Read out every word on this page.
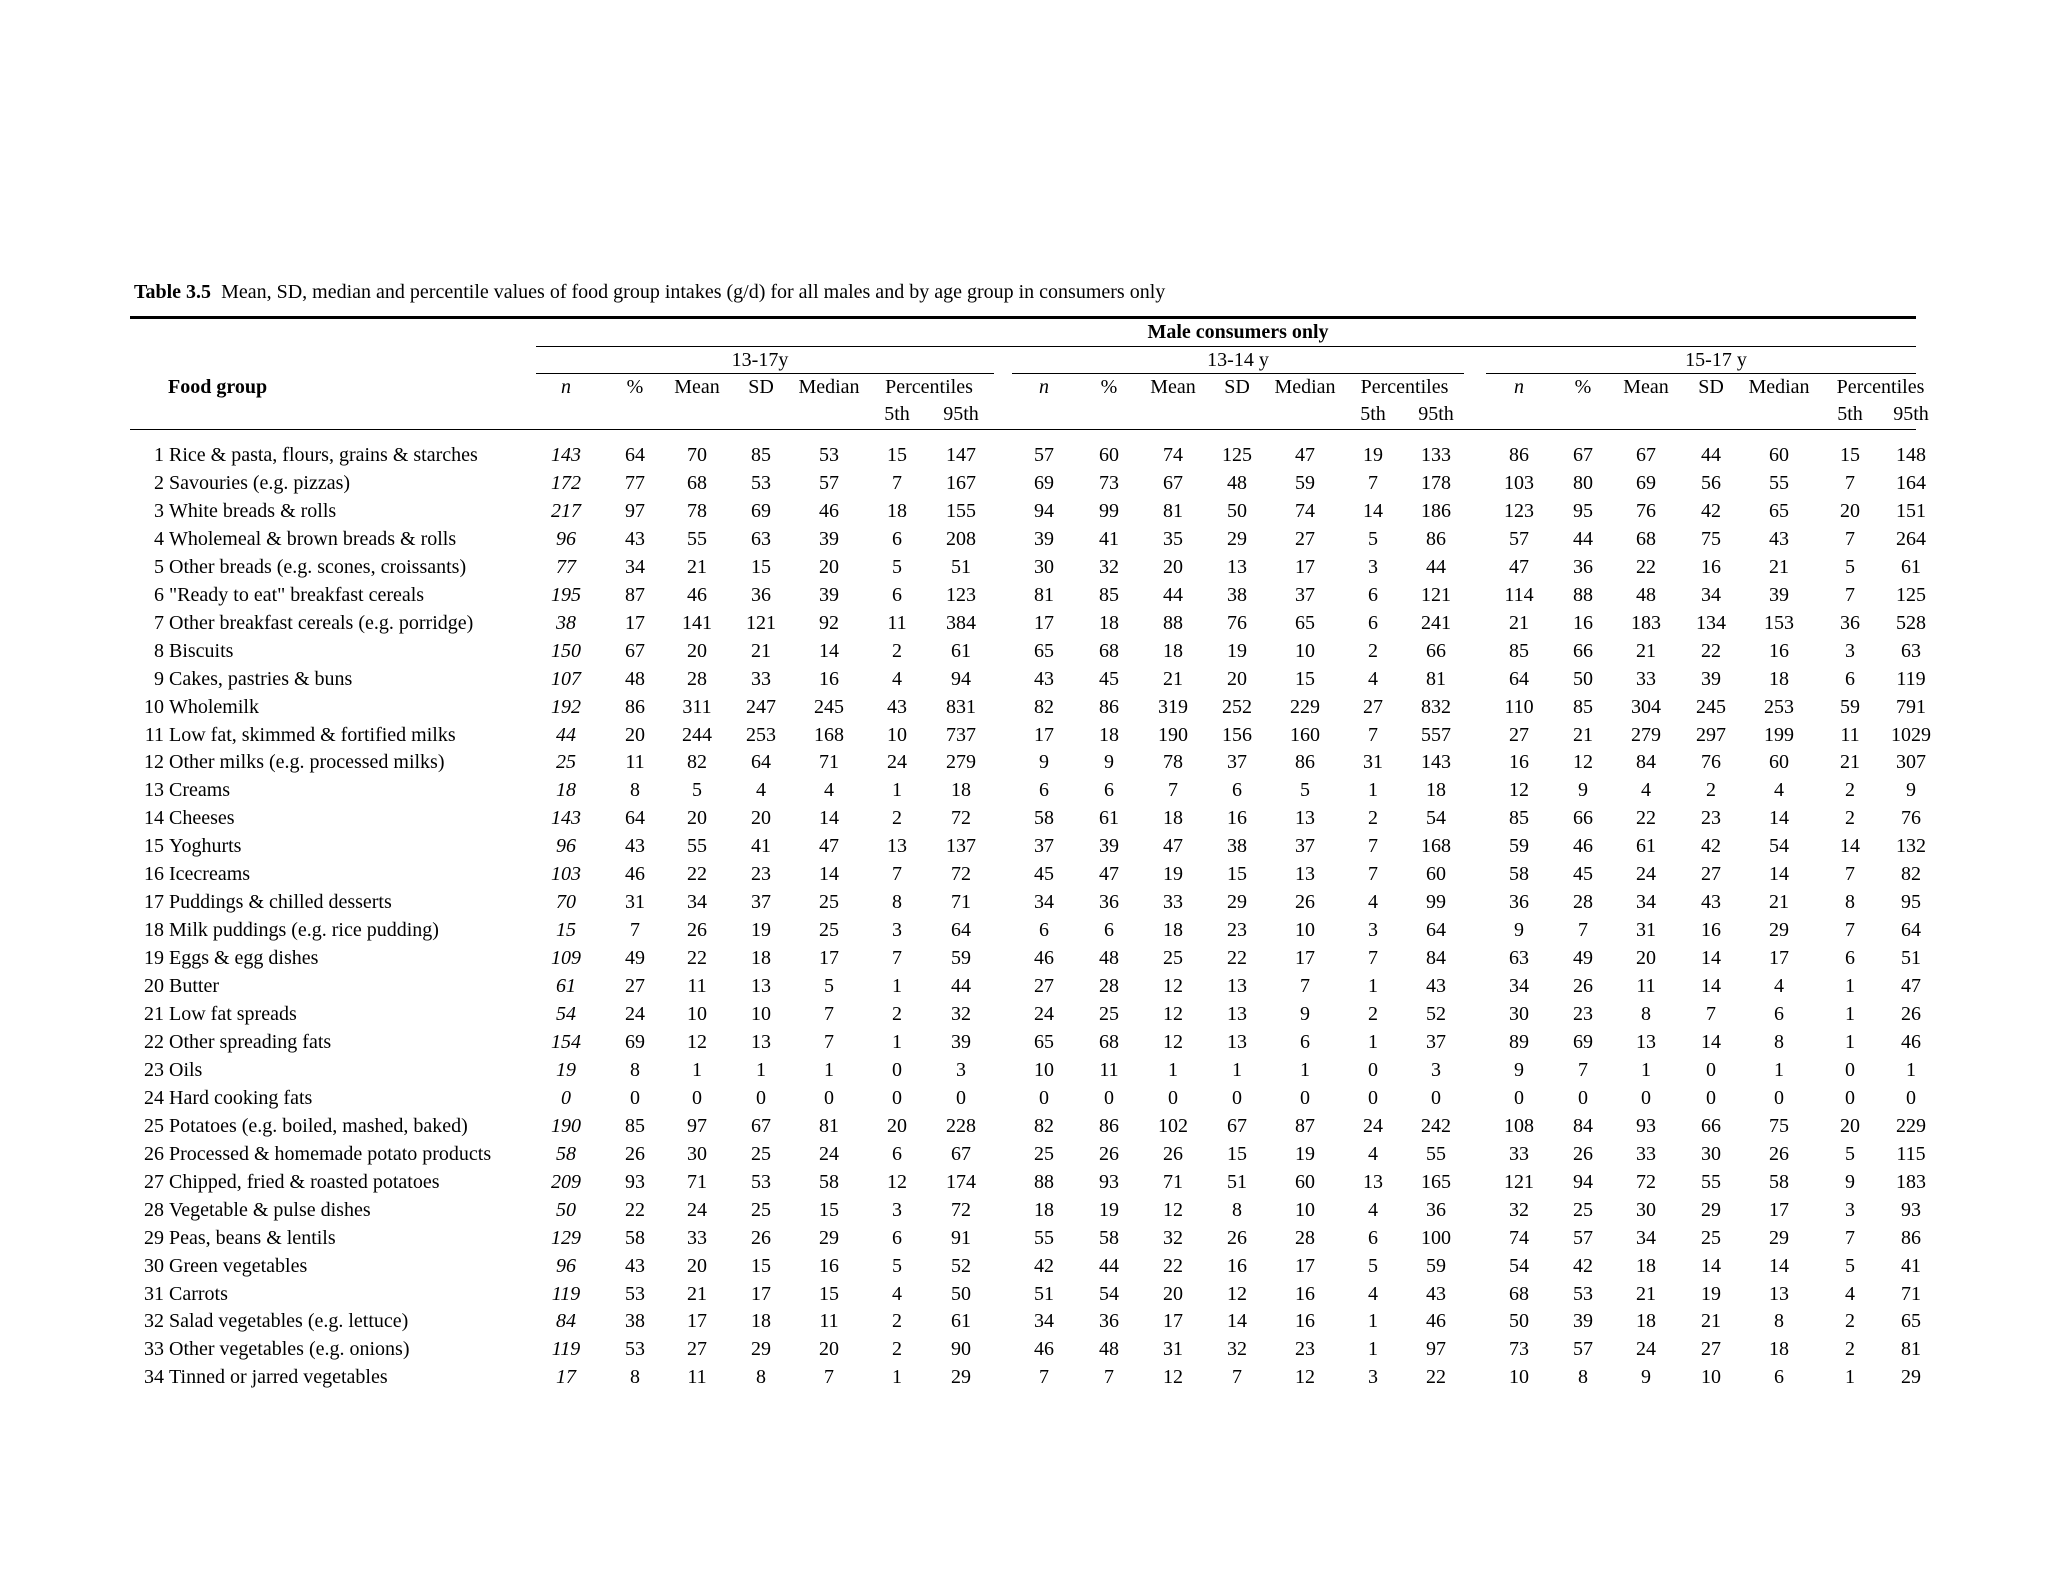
Table 3.5 Mean, SD, median and percentile values of food group intakes (g/d) for all males and by age group in consumers only
Male consumers only
13-17y	13-14 y	15-17 y
Food group	n	% Mean SD Median Percentiles
5th 95th
n	% Mean SD Median Percentiles
5th 95th
n	% Mean SD Median Percentiles
5th 95th
1 Rice & pasta, flours, grains & starches	143 64 70 85 53 15 147	57 60 74 125 47 19 133	86 67 67 44 60	15 148
2 Savouries (e.g. pizzas)	172 77 68 53 57	7 167	69 73 67 48 59	7 178	103 80 69 56 55	7 164
3 White breads & rolls	217 97 78 69 46 18 155	94 99 81 50 74 14 186	123 95 76 42 65	20 151
4 Wholemeal & brown breads & rolls	96 43 55 63 39	6 208	39 41 35 29 27	5 86	57 44 68 75 43	7 264
5 Other breads (e.g. scones, croissants)	77 34 21 15 20	5 51	30 32 20 13 17	3 44	47 36 22 16 21	5 61
6 "Ready to eat" breakfast cereals	195 87 46 36 39	6 123	81 85 44 38 37	6 121	114 88 48 34 39	7 125
7 Other breakfast cereals (e.g. porridge)	38 17 141 121 92 11 384	17 18 88 76 65	6 241	21 16 183 134 153 36 528
8 Biscuits	150 67 20 21 14	2 61	65 68 18 19 10	2 66	85 66 21 22 16	3 63
9 Cakes, pastries & buns	107 48 28 33 16	4 94	43 45 21 20 15	4 81	64 50 33 39 18	6 119
10 Wholemilk	192 86 311 247 245 43 831	82 86 319 252 229 27 832	110 85 304 245 253 59 791
11 Low fat, skimmed & fortified milks	44 20 244 253 168 10 737	17 18 190 156 160 7 557	27 21 279 297 199 11 1029
12 Other milks (e.g. processed milks)	25 11 82 64 71 24 279	9	9 78 37 86 31 143	16 12 84 76 60	21 307
13 Creams	18	8	5	4	4	1 18	6	6	7	6	5	1 18	12 9	4	2	4	2	9
14 Cheeses	143 64 20 20 14	2 72	58 61 18 16 13	2 54	85 66 22 23 14	2 76
15 Yoghurts	96 43 55 41 47 13 137	37 39 47 38 37	7 168	59 46 61 42 54	14 132
16 Icecreams	103 46 22 23 14	7 72	45 47 19 15 13	7 60	58 45 24 27 14	7 82
17 Puddings & chilled desserts	70 31 34 37 25	8 71	34 36 33 29 26	4 99	36 28 34 43 21	8 95
18 Milk puddings (e.g. rice pudding)	15	7 26 19 25	3 64	6	6 18 23 10	3 64	9	7 31 16 29	7 64
19 Eggs & egg dishes	109 49 22 18 17	7 59	46 48 25 22 17	7 84	63 49 20 14 17	6 51
20 Butter	61 27 11 13	5	1 44	27 28 12 13	7	1 43	34 26 11 14	4	1 47
21 Low fat spreads	54 24 10 10	7	2 32	24 25 12 13	9	2 52	30 23 8	7	6	1 26
22 Other spreading fats	154 69 12 13	7	1 39	65 68 12 13	6	1 37	89 69 13 14	8	1 46
23 Oils	19	8	1	1	1	0	3	10 11 1	1	1	0	3	9	7	1	0	1	0	1
24 Hard cooking fats	0	0	0	0	0	0	0	0	0	0	0	0	0	0	0	0	0	0	0	0	0
25 Potatoes (e.g. boiled, mashed, baked)	190 85 97 67 81 20 228	82 86 102 67 87 24 242	108 84 93 66 75	20 229
26 Processed & homemade potato products	58 26 30 25 24	6 67	25 26 26 15 19	4 55	33 26 33 30 26	5 115
27 Chipped, fried & roasted potatoes	209 93 71 53 58 12 174	88 93 71 51 60 13 165	121 94 72 55 58	9 183
28 Vegetable & pulse dishes	50 22 24 25 15	3 72	18 19 12 8	10	4 36	32 25 30 29 17	3 93
29 Peas, beans & lentils	129 58 33 26 29	6 91	55 58 32 26 28	6 100	74 57 34 25 29	7 86
30 Green vegetables	96 43 20 15 16	5 52	42 44 22 16 17	5 59	54 42 18 14 14	5 41
31 Carrots	119 53 21 17 15	4 50	51 54 20 12 16	4 43	68 53 21 19 13	4 71
32 Salad vegetables (e.g. lettuce)	84 38 17 18 11	2 61	34 36 17 14 16	1 46	50 39 18 21	8	2 65
33 Other vegetables (e.g. onions)	119 53 27 29 20	2 90	46 48 31 32 23	1 97	73 57 24 27 18	2 81
34 Tinned or jarred vegetables	17	8 11 8	7	1 29	7	7 12 7	12	3 22	10 8	9	10	6	1 29
